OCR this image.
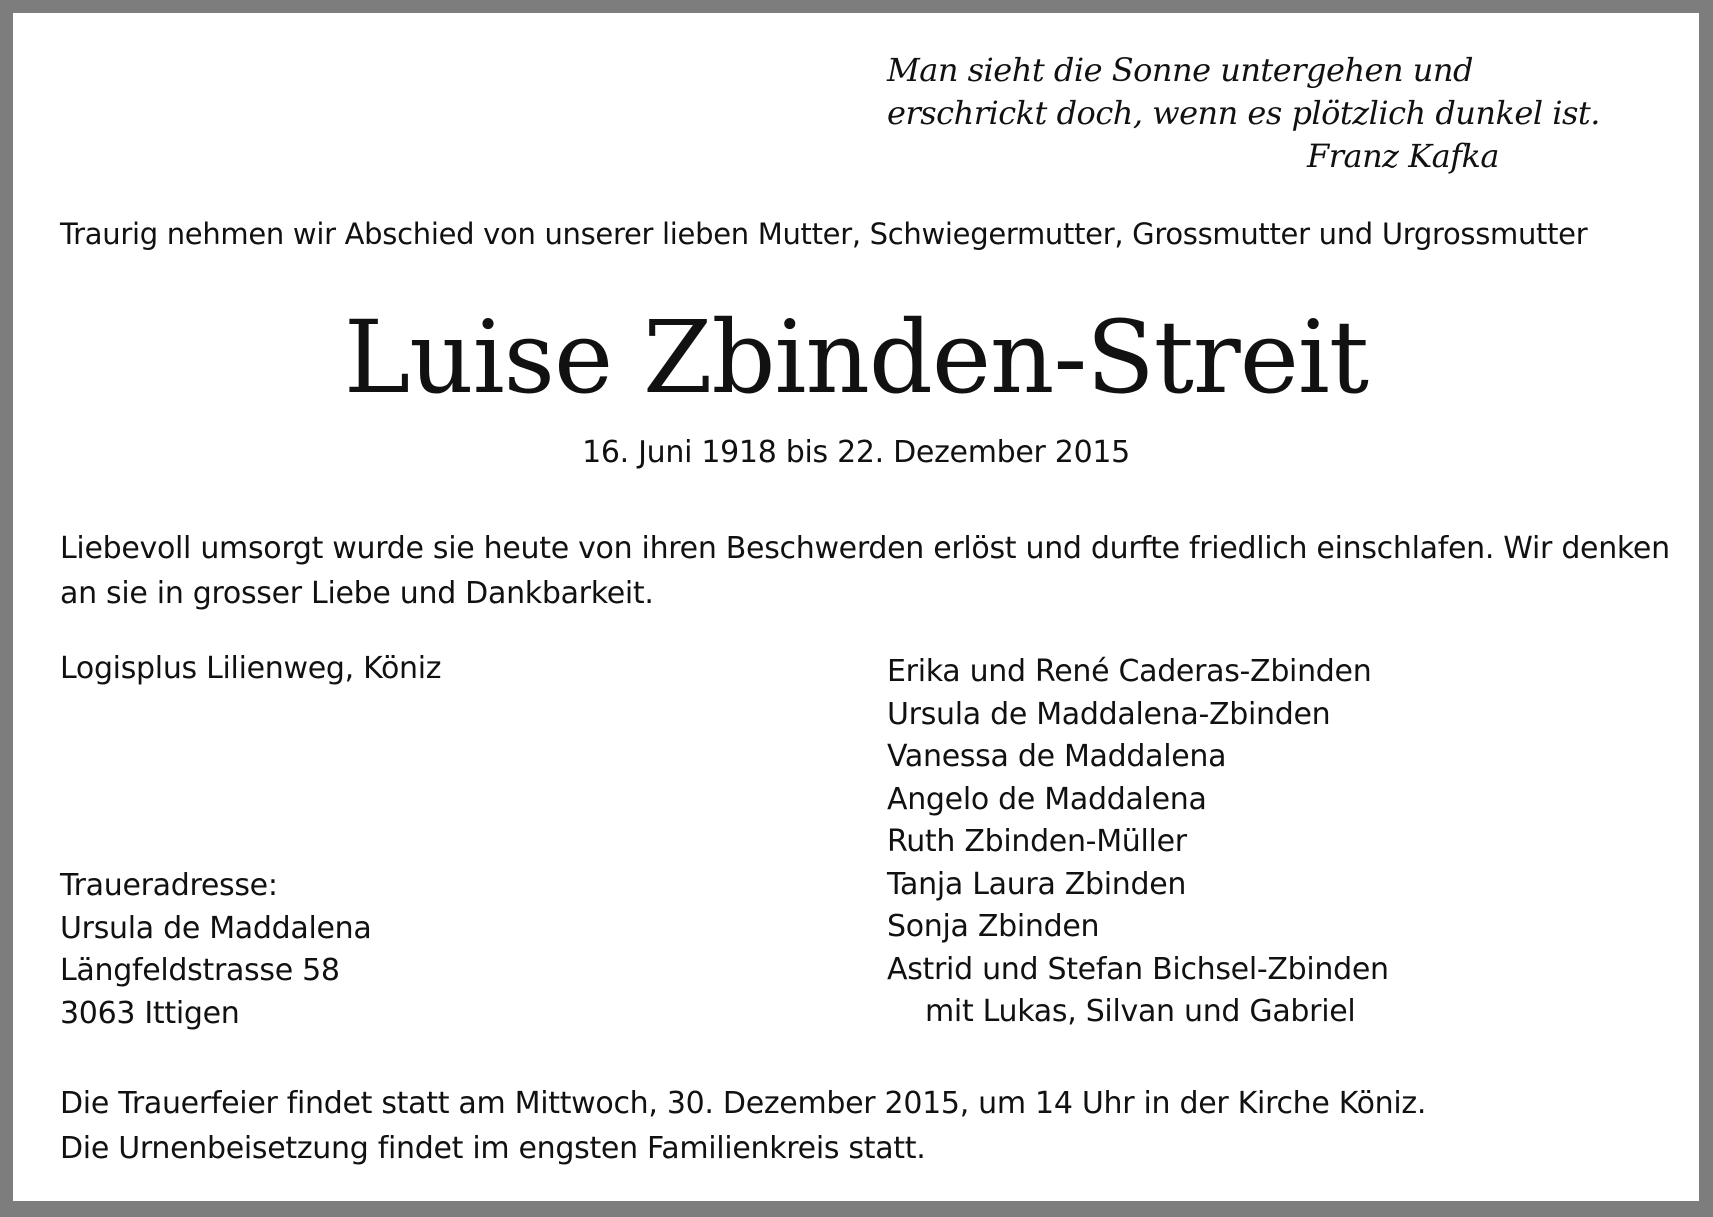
Man sieht die Sonne untergehen und
erschrickt doch, wenn es plötzlich dunkel ist.
Franz Kafka

Traurig nehmen wir Abschied von unserer lieben Mutter, Schwiegermutter, Grossmutter und Urgrossmutter

Luise Zbinden-Streit

16. Juni 1918 bis 22. Dezember 2015

Liebevoll umsorgt wurde sie heute von ihren Beschwerden erlöst und durfte friedlich einschlafen. Wir denken
an sie in grosser Liebe und Dankbarkeit.

Logisplus Lilienweg, Köniz

Traueradresse:
Ursula de Maddalena
Längfeldstrasse 58
3063 Ittigen
Erika und René Caderas-Zbinden
Ursula de Maddalena-Zbinden
Vanessa de Maddalena
Angelo de Maddalena
Ruth Zbinden-Müller
Tanja Laura Zbinden
Sonja Zbinden
Astrid und Stefan Bichsel-Zbinden
mit Lukas, Silvan und Gabriel
Die Trauerfeier findet statt am Mittwoch, 30. Dezember 2015, um 14 Uhr in der Kirche Köniz.
Die Urnenbeisetzung findet im engsten Familienkreis statt.
